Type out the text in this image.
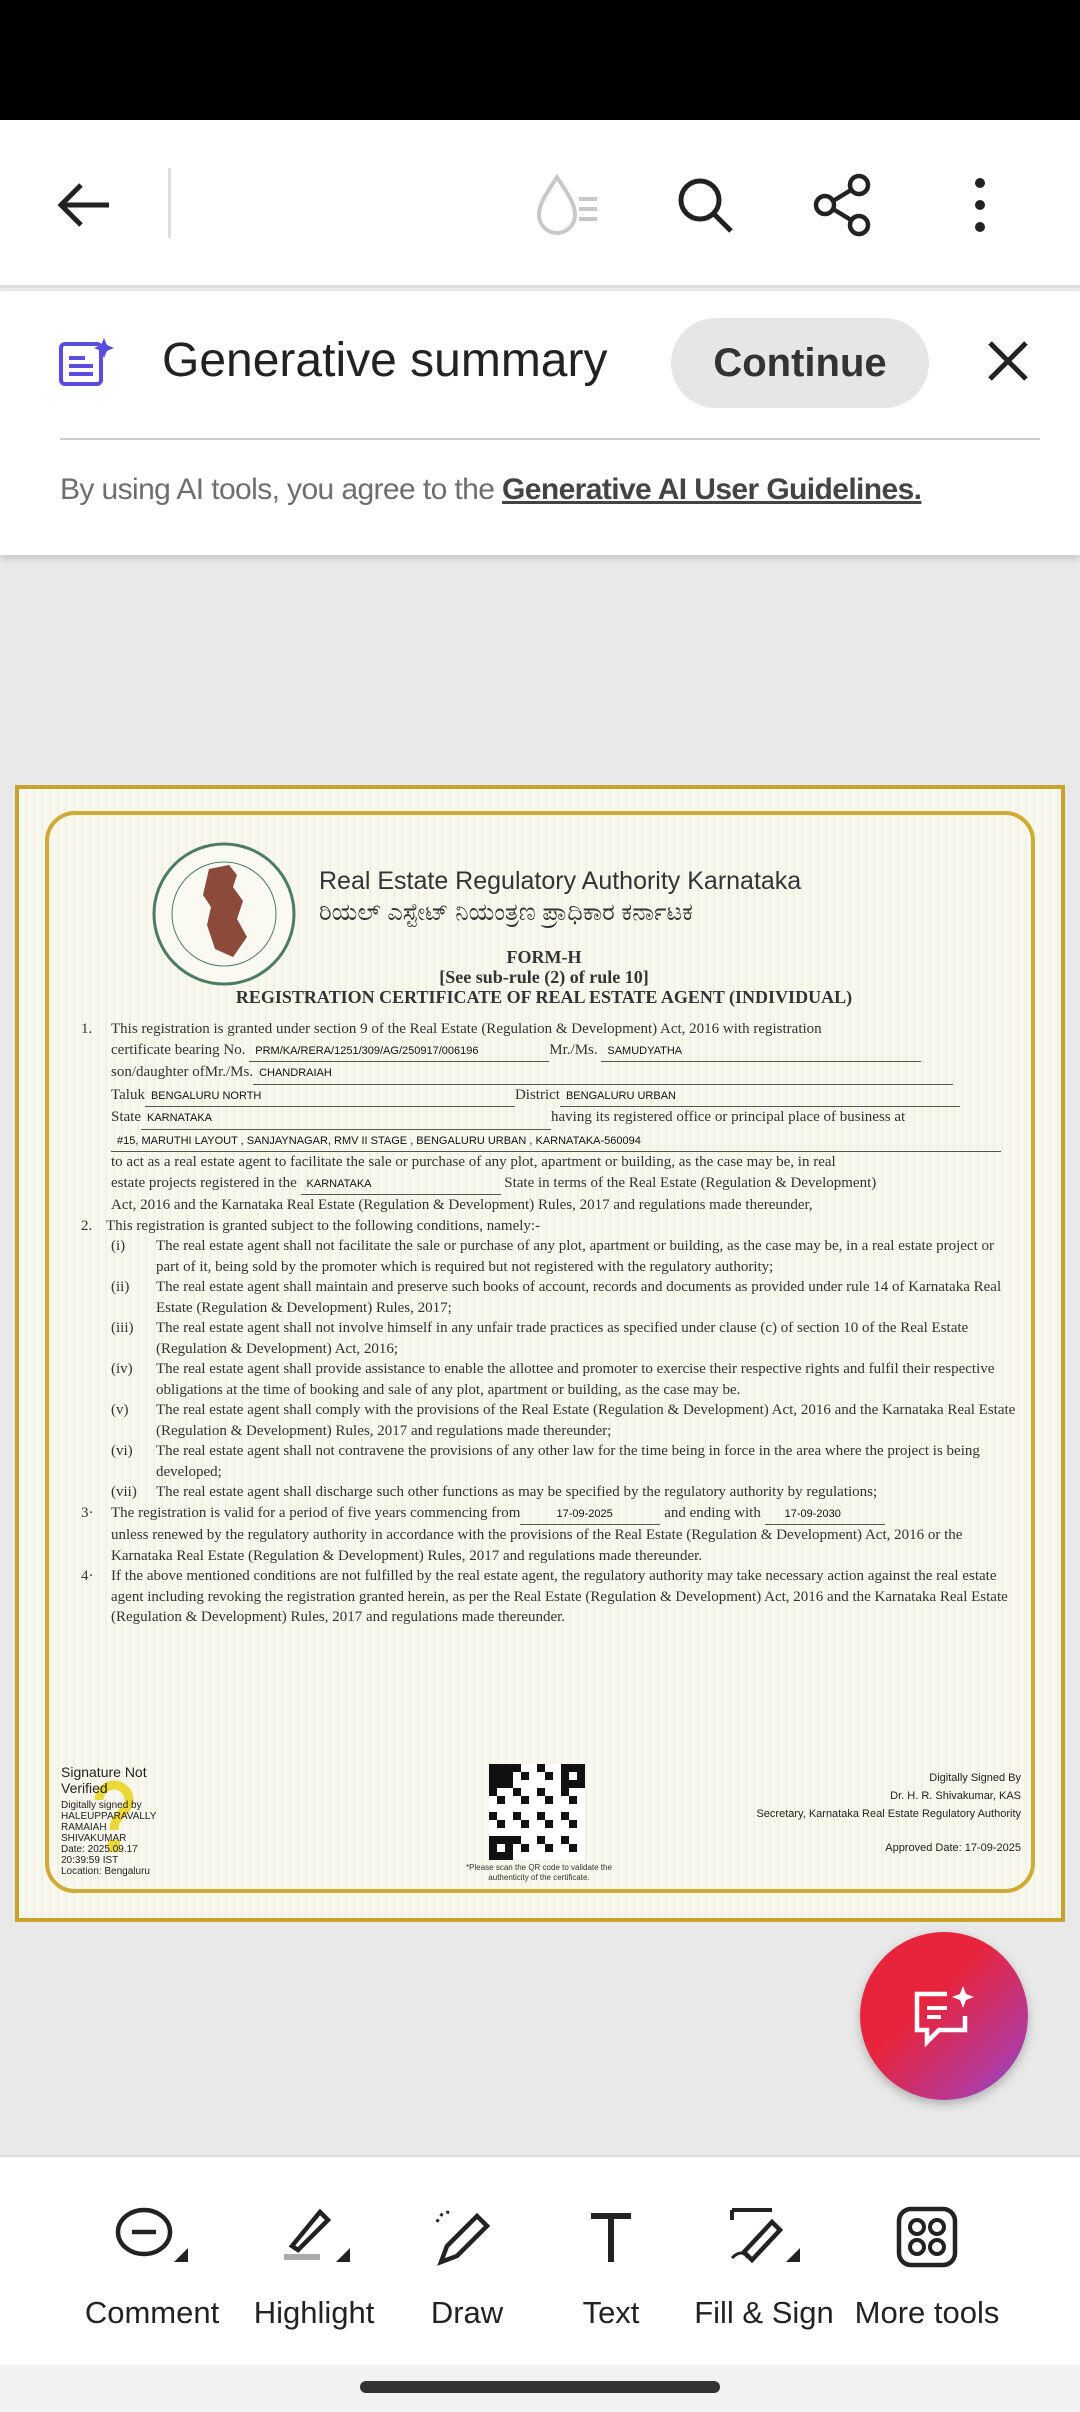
Generative summary	Continue
By using AI tools, you agree to the Generative AI User Guidelines.
Real Estate Regulatory Authority Karnataka
ರಿಯಲ್ ಎಸ್ಟೇಟ್ ನಿಯಂತ್ರಣ ಪ್ರಾಧಿಕಾರ ಕರ್ನಾಟಕ
FORM-H
[See sub-rule (2) of rule 10]
REGISTRATION CERTIFICATE OF REAL ESTATE AGENT (INDIVIDUAL)
1.	This registration is granted under section 9 of the Real Estate (Regulation & Development) Act, 2016 with registration
certificate bearing No. PRM/KA/RERA/1251/309/AG/250917/006196	Mr./Ms. SAMUDYATHA
son/daughter ofMr./Ms. CHANDRAIAH
Taluk BENGALURU NORTH	District BENGALURU URBAN
State KARNATAKA	having its registered office or principal place of business at
#15, MARUTHI LAYOUT , SANJAYNAGAR, RMV II STAGE , BENGALURU URBAN , KARNATAKA-560094
to act as a real estate agent to facilitate the sale or purchase of any plot, apartment or building, as the case may be, in real
estate projects registered in the KARNATAKA	State in terms of the Real Estate (Regulation & Development)
Act, 2016 and the Karnataka Real Estate (Regulation & Development) Rules, 2017 and regulations made thereunder,
2. This registration is granted subject to the following conditions, namely:-
(i)	The real estate agent shall not facilitate the sale or purchase of any plot, apartment or building, as the case may be, in a real estate project or part of it, being sold by the promoter which is required but not registered with the regulatory authority;
(ii)	The real estate agent shall maintain and preserve such books of account, records and documents as provided under rule 14 of Karnataka Real Estate (Regulation & Development) Rules, 2017;
(iii)	The real estate agent shall not involve himself in any unfair trade practices as specified under clause (c) of section 10 of the Real Estate (Regulation & Development) Act, 2016;
(iv)	The real estate agent shall provide assistance to enable the allottee and promoter to exercise their respective rights and fulfil their respective obligations at the time of booking and sale of any plot, apartment or building, as the case may be.
(v)	The real estate agent shall comply with the provisions of the Real Estate (Regulation & Development) Act, 2016 and the Karnataka Real Estate (Regulation & Development) Rules, 2017 and regulations made thereunder;
(vi)	The real estate agent shall not contravene the provisions of any other law for the time being in force in the area where the project is being developed;
(vii)	The real estate agent shall discharge such other functions as may be specified by the regulatory authority by regulations;
3·	The registration is valid for a period of five years commencing from	17-09-2025	and ending with 17-09-2030
unless renewed by the regulatory authority in accordance with the provisions of the Real Estate (Regulation & Development) Act, 2016 or the Karnataka Real Estate (Regulation & Development) Rules, 2017 and regulations made thereunder.
4·	If the above mentioned conditions are not fulfilled by the real estate agent, the regulatory authority may take necessary action against the real estate agent including revoking the registration granted herein, as per the Real Estate (Regulation & Development) Act, 2016 and the Karnataka Real Estate (Regulation & Development) Rules, 2017 and regulations made thereunder.
Signature Not Verified
Digitally signed by
HALEUPPARAVALLY
RAMAIAH
SHIVAKUMAR
Date: 2025.09.17
20:39:59 IST
Location: Bengaluru	*Please scan the QR code to validate the authenticity of the certificate.
Digitally Signed By
Dr. H. R. Shivakumar, KAS
Secretary, Karnataka Real Estate Regulatory Authority
Approved Date: 17-09-2025
Comment	Highlight	Draw	Text	Fill & Sign More tools
